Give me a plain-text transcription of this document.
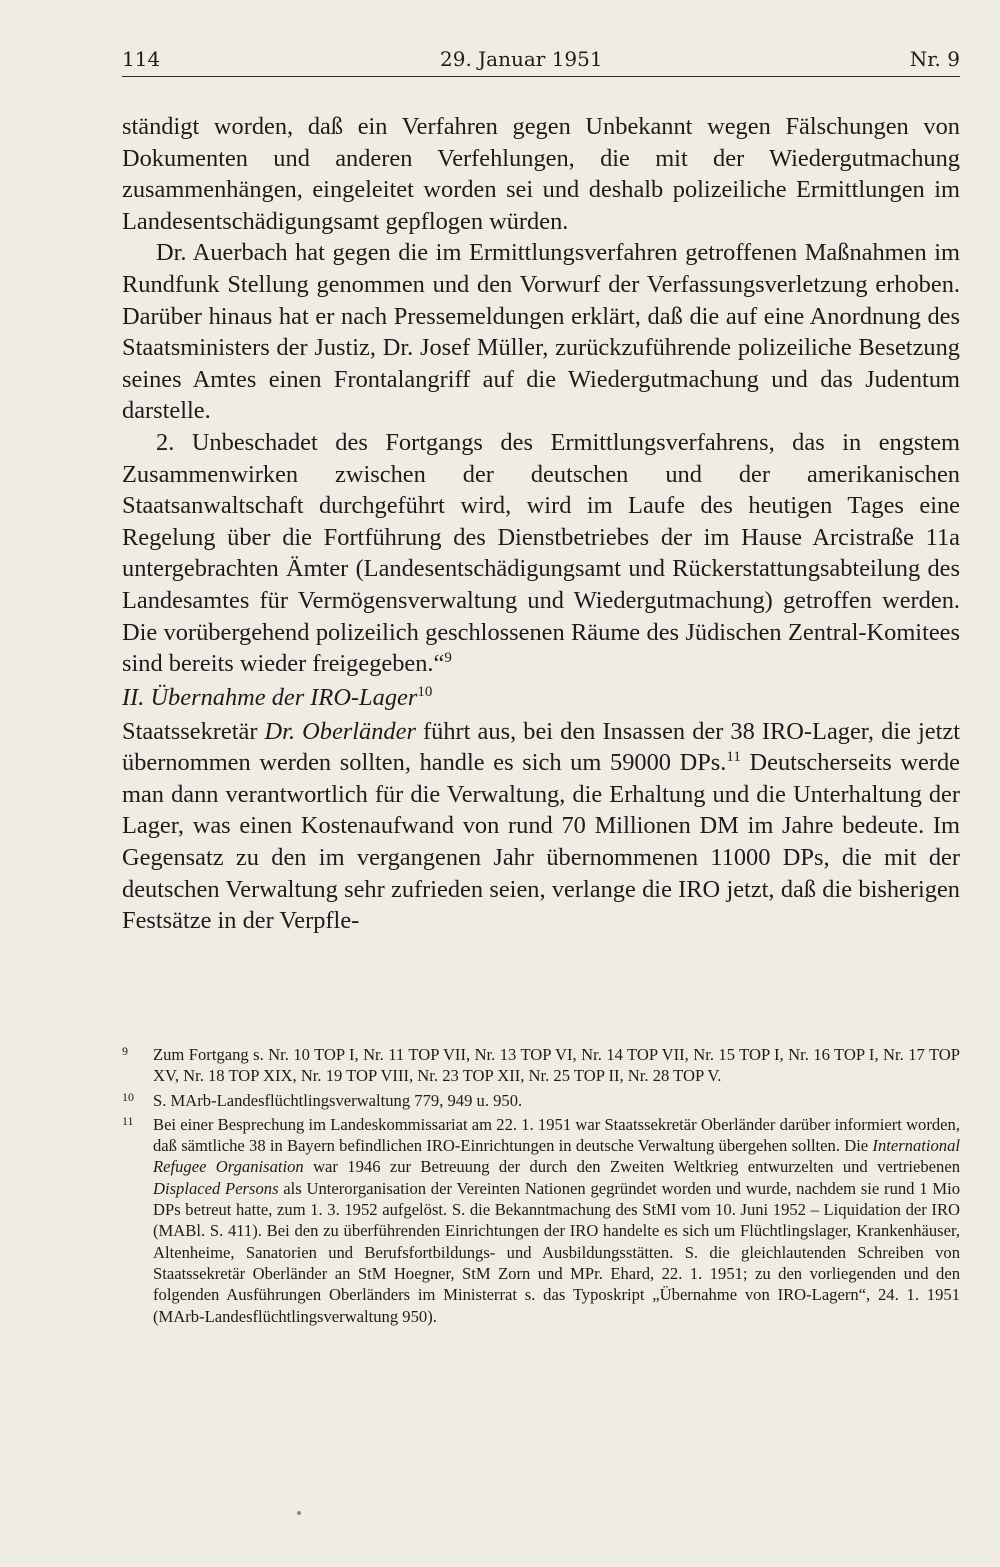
114	29. Januar 1951	Nr. 9

ständigt worden, daß ein Verfahren gegen Unbekannt wegen Fälschungen von Dokumenten und anderen Verfehlungen, die mit der Wiedergutmachung zusammenhängen, eingeleitet worden sei und deshalb polizeiliche Ermittlungen im Landesentschädigungsamt gepflogen würden.

Dr. Auerbach hat gegen die im Ermittlungsverfahren getroffenen Maßnahmen im Rundfunk Stellung genommen und den Vorwurf der Verfassungsverletzung erhoben. Darüber hinaus hat er nach Pressemeldungen erklärt, daß die auf eine Anordnung des Staatsministers der Justiz, Dr. Josef Müller, zurückzuführende polizeiliche Besetzung seines Amtes einen Frontalangriff auf die Wiedergutmachung und das Judentum darstelle.

2. Unbeschadet des Fortgangs des Ermittlungsverfahrens, das in engstem Zusammenwirken zwischen der deutschen und der amerikanischen Staatsanwaltschaft durchgeführt wird, wird im Laufe des heutigen Tages eine Regelung über die Fortführung des Dienstbetriebes der im Hause Arcistraße 11a untergebrachten Ämter (Landesentschädigungsamt und Rückerstattungsabteilung des Landesamtes für Vermögensverwaltung und Wiedergutmachung) getroffen werden. Die vorübergehend polizeilich geschlossenen Räume des Jüdischen Zentral-Komitees sind bereits wieder freigegeben.“$^9$

II. Übernahme der IRO-Lager$^{10}$

Staatssekretär Dr. Oberländer führt aus, bei den Insassen der 38 IRO-Lager, die jetzt übernommen werden sollten, handle es sich um 59000 DPs.$^{11}$ Deutscherseits werde man dann verantwortlich für die Verwaltung, die Erhaltung und die Unterhaltung der Lager, was einen Kostenaufwand von rund 70 Millionen DM im Jahre bedeute. Im Gegensatz zu den im vergangenen Jahr übernommenen 11000 DPs, die mit der deutschen Verwaltung sehr zufrieden seien, verlange die IRO jetzt, daß die bisherigen Festsätze in der Verpfle-

9 Zum Fortgang s. Nr. 10 TOP I, Nr. 11 TOP VII, Nr. 13 TOP VI, Nr. 14 TOP VII, Nr. 15 TOP I, Nr. 16 TOP I, Nr. 17 TOP XV, Nr. 18 TOP XIX, Nr. 19 TOP VIII, Nr. 23 TOP XII, Nr. 25 TOP II, Nr. 28 TOP V.
10 S. MArb-Landesflüchtlingsverwaltung 779, 949 u. 950.
11 Bei einer Besprechung im Landeskommissariat am 22. 1. 1951 war Staatssekretär Oberländer darüber informiert worden, daß sämtliche 38 in Bayern befindlichen IRO-Einrichtungen in deutsche Verwaltung übergehen sollten. Die International Refugee Organisation war 1946 zur Betreuung der durch den Zweiten Weltkrieg entwurzelten und vertriebenen Displaced Persons als Unterorganisation der Vereinten Nationen gegründet worden und wurde, nachdem sie rund 1 Mio DPs betreut hatte, zum 1. 3. 1952 aufgelöst. S. die Bekanntmachung des StMI vom 10. Juni 1952 – Liquidation der IRO (MABl. S. 411). Bei den zu überführenden Einrichtungen der IRO handelte es sich um Flüchtlingslager, Krankenhäuser, Altenheime, Sanatorien und Berufsfortbildungs- und Ausbildungsstätten. S. die gleichlautenden Schreiben von Staatssekretär Oberländer an StM Hoegner, StM Zorn und MPr. Ehard, 22. 1. 1951; zu den vorliegenden und den folgenden Ausführungen Oberländers im Ministerrat s. das Typoskript „Übernahme von IRO-Lagern“, 24. 1. 1951 (MArb-Landesflüchtlingsverwaltung 950).
